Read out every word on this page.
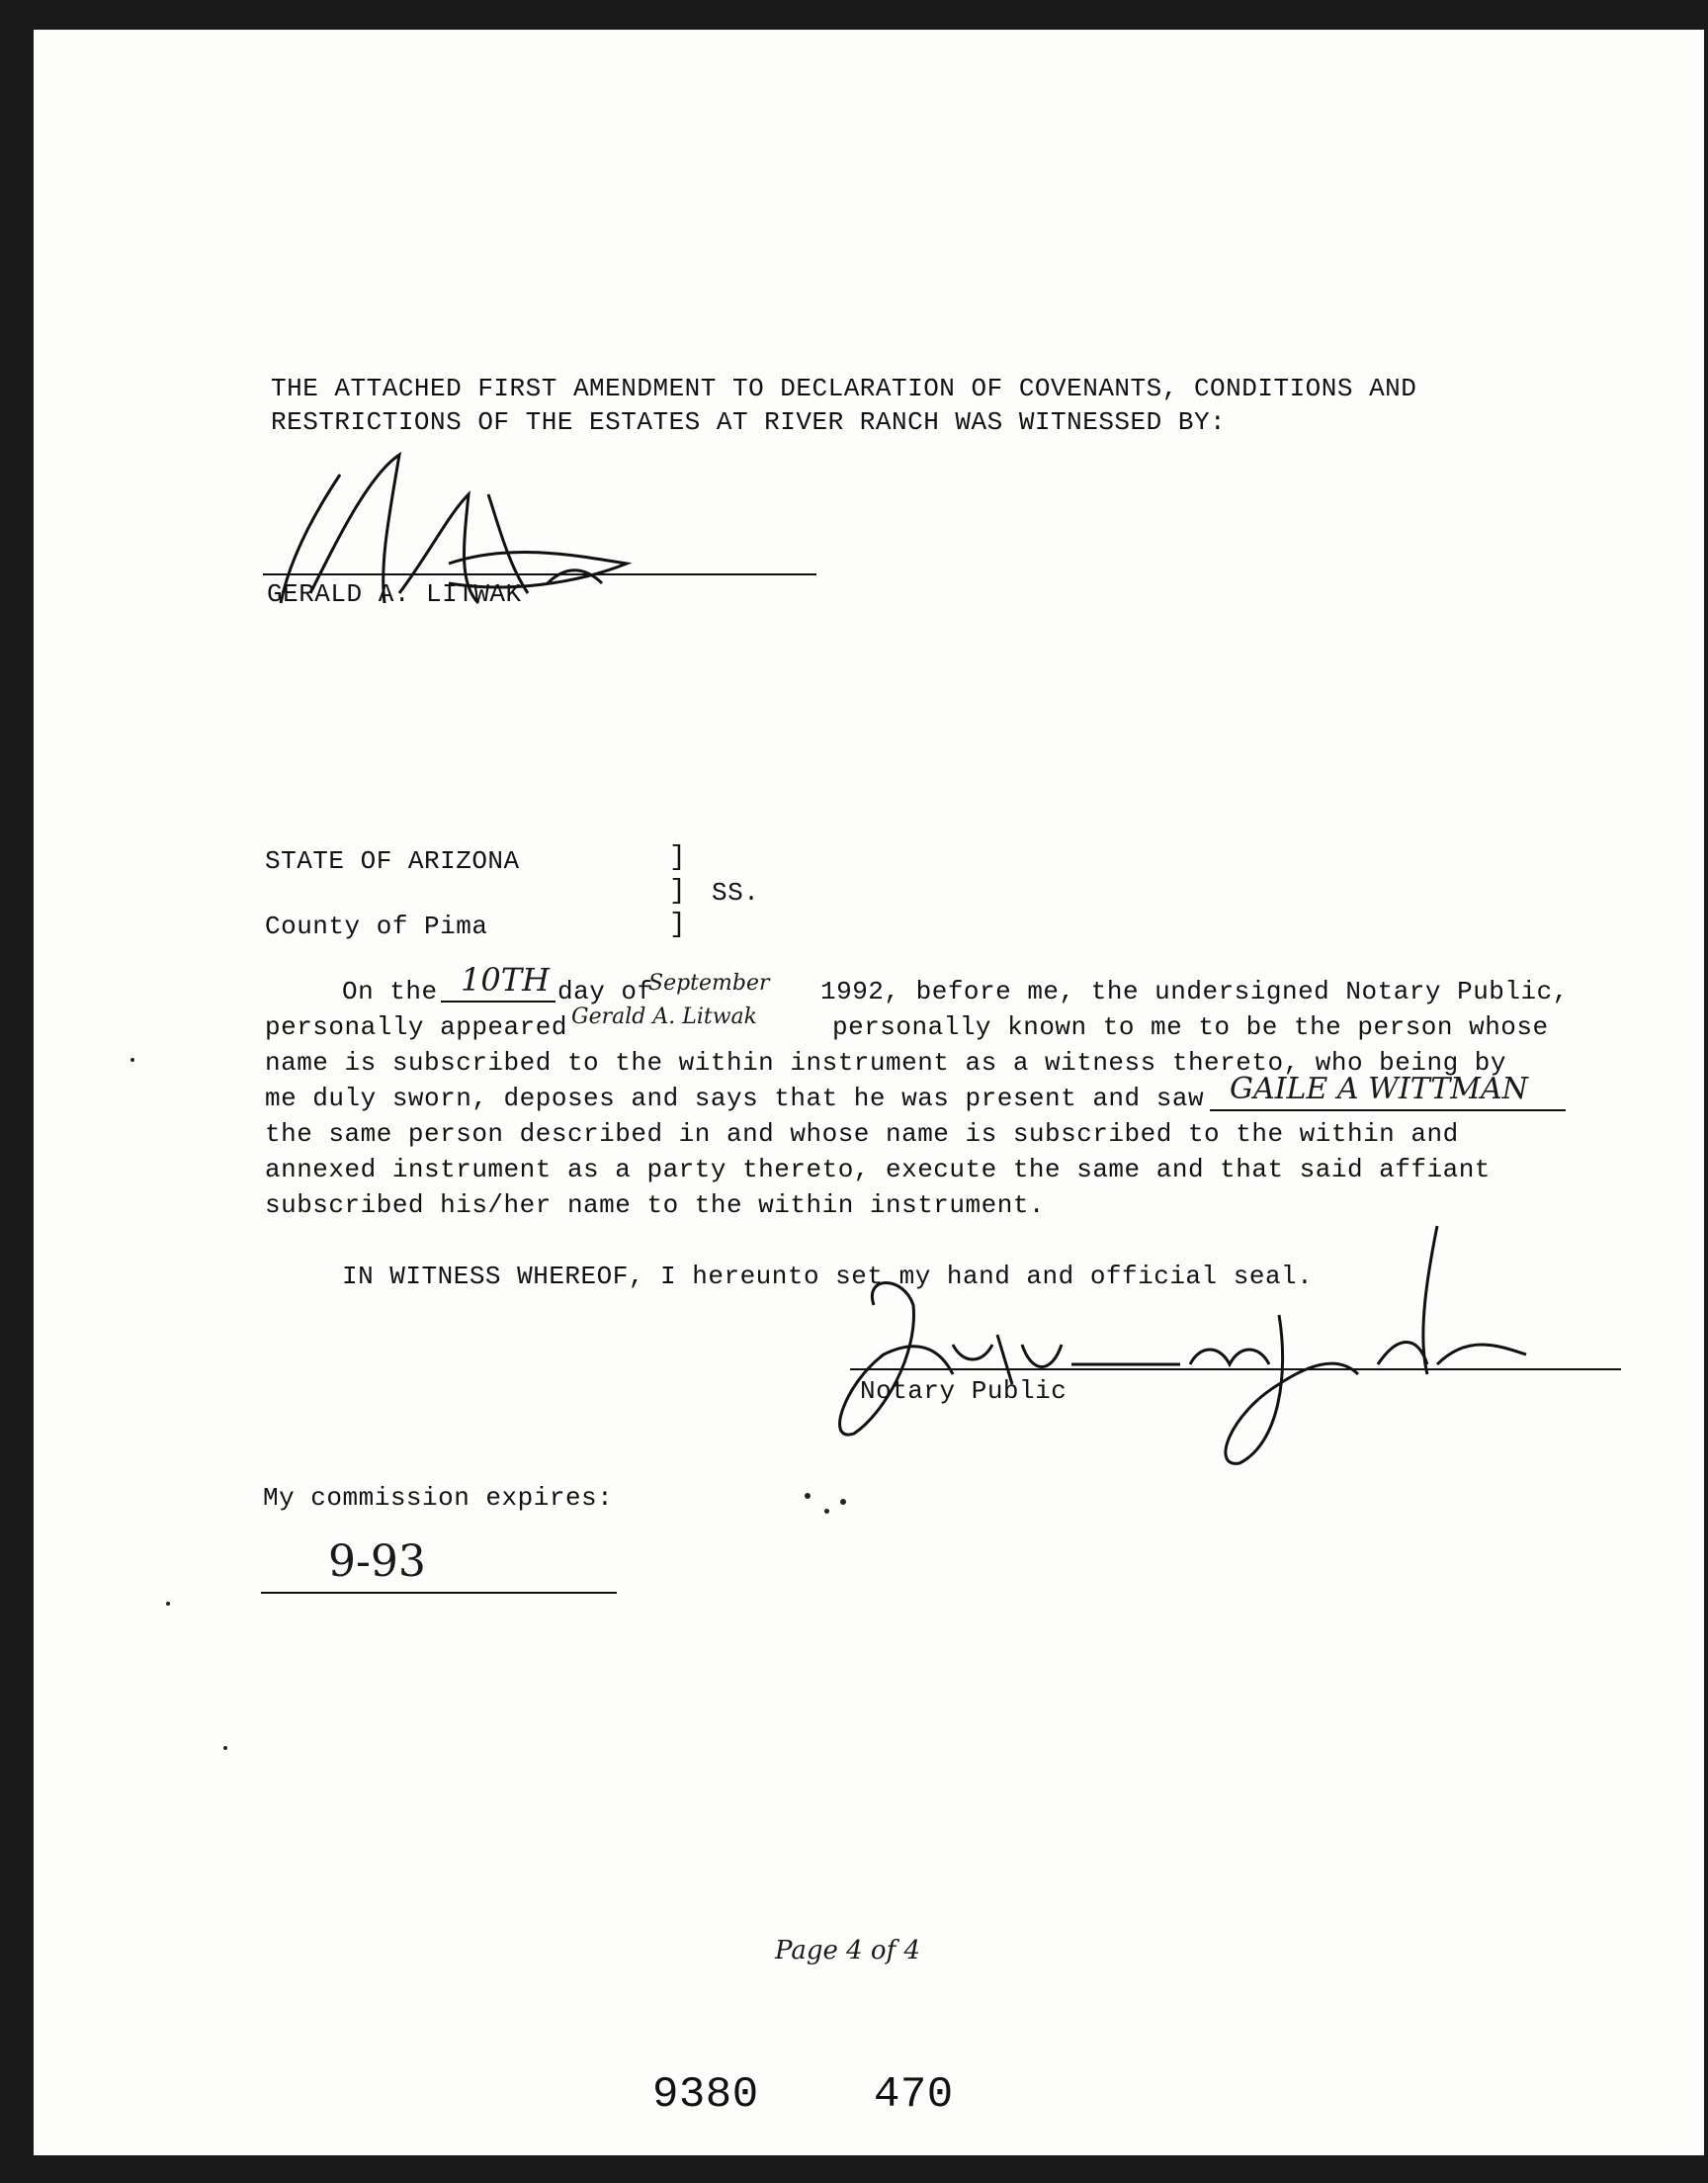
THE ATTACHED FIRST AMENDMENT TO DECLARATION OF COVENANTS, CONDITIONS AND
RESTRICTIONS OF THE ESTATES AT RIVER RANCH WAS WITNESSED BY:
GERALD A. LITWAK
STATE OF ARIZONA
SS.
]
]
]
County of Pima
On the 10TH day of
September 1992, before me, the undersigned Notary Public,
personally appeared Gerald A. Litwak	personally known to me to be the person whose
name is subscribed to the within instrument as a witness thereto, who being by
me duly sworn, deposes and says that he was present and saw GAILE A WITTMAN
the same person described in and whose name is subscribed to the within and
annexed instrument as a party thereto, execute the same and that said affiant
subscribed his/her name to the within instrument.
IN WITNESS WHEREOF, I hereunto set my hand and official seal.
Notary Public
My commission expires:
9-93
Page 4 of 4
9380	470
